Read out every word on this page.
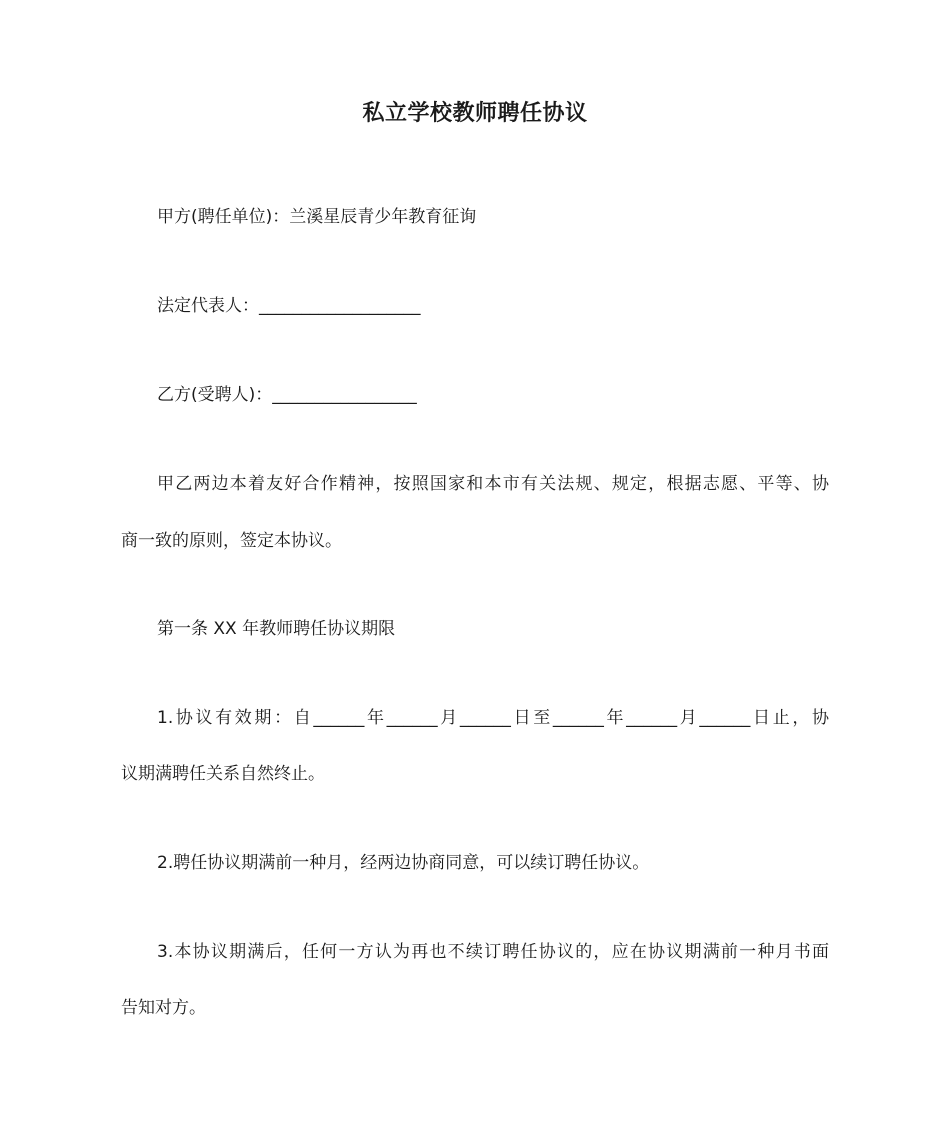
私立学校教师聘任协议
甲方(聘任单位)：兰溪星辰青少年教育征询
法定代表人：___________________
乙方(受聘人)：_________________
甲乙两边本着友好合作精神，按照国家和本市有关法规、规定，根据志愿、平等、协
商一致的原则，签定本协议。
第一条 XX 年教师聘任协议期限
1.协议有效期：自______年______月______日至______年______月______日止，协
议期满聘任关系自然终止。
2.聘任协议期满前一种月，经两边协商同意，可以续订聘任协议。
3.本协议期满后，任何一方认为再也不续订聘任协议的，应在协议期满前一种月书面
告知对方。
